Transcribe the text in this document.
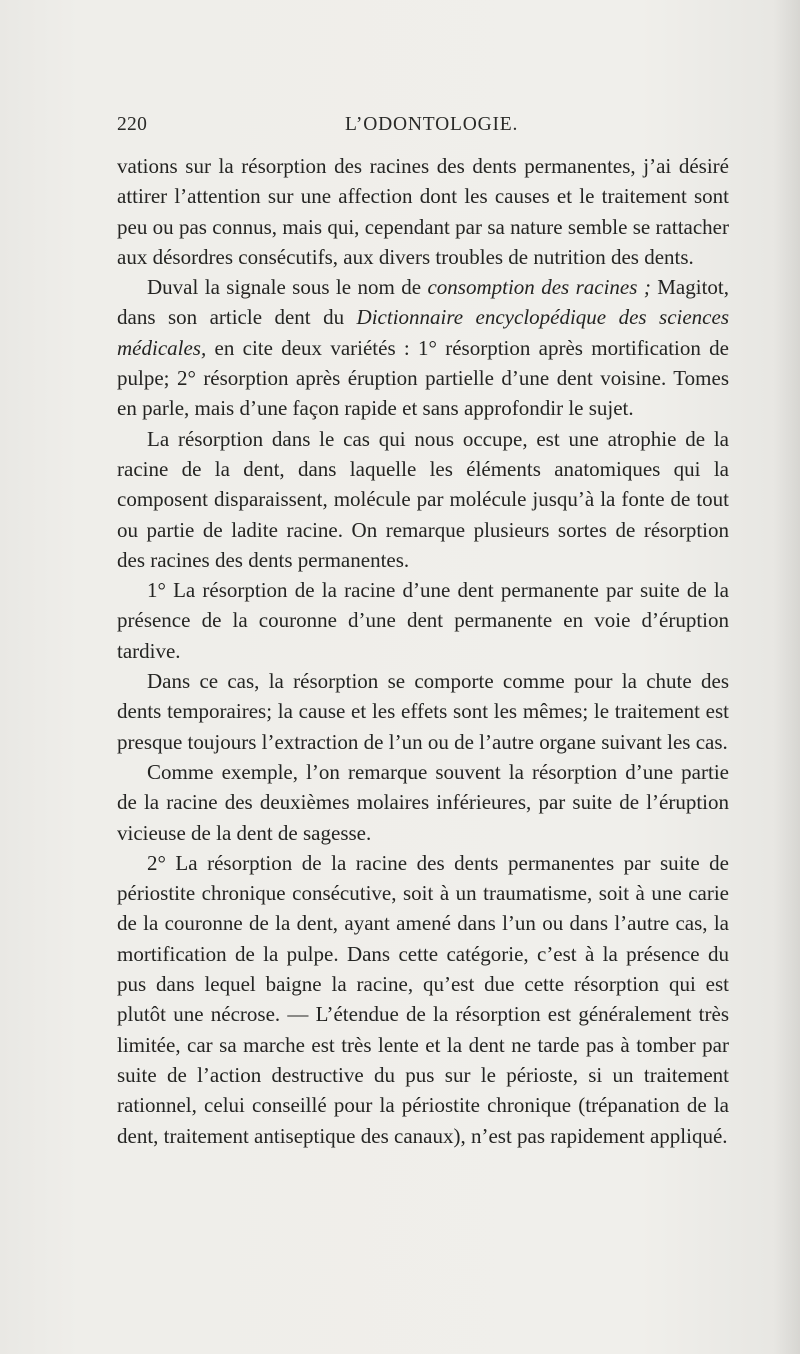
220	L’ODONTOLOGIE.

vations sur la résorption des racines des dents permanentes, j’ai désiré attirer l’attention sur une affection dont les causes et le traitement sont peu ou pas connus, mais qui, cependant par sa nature semble se rattacher aux désordres consécutifs, aux divers troubles de nutrition des dents.

Duval la signale sous le nom de consomption des racines ; Magitot, dans son article dent du Dictionnaire encyclopédique des sciences médicales, en cite deux variétés : 1° résorption après mortification de pulpe; 2° résorption après éruption partielle d’une dent voisine. Tomes en parle, mais d’une façon rapide et sans approfondir le sujet.

La résorption dans le cas qui nous occupe, est une atrophie de la racine de la dent, dans laquelle les éléments anatomiques qui la composent disparaissent, molécule par molécule jusqu’à la fonte de tout ou partie de ladite racine. On remarque plusieurs sortes de résorption des racines des dents permanentes.

1° La résorption de la racine d’une dent permanente par suite de la présence de la couronne d’une dent permanente en voie d’éruption tardive.

Dans ce cas, la résorption se comporte comme pour la chute des dents temporaires; la cause et les effets sont les mêmes; le traitement est presque toujours l’extraction de l’un ou de l’autre organe suivant les cas.

Comme exemple, l’on remarque souvent la résorption d’une partie de la racine des deuxièmes molaires inférieures, par suite de l’éruption vicieuse de la dent de sagesse.

2° La résorption de la racine des dents permanentes par suite de périostite chronique consécutive, soit à un traumatisme, soit à une carie de la couronne de la dent, ayant amené dans l’un ou dans l’autre cas, la mortification de la pulpe. Dans cette catégorie, c’est à la présence du pus dans lequel baigne la racine, qu’est due cette résorption qui est plutôt une nécrose. — L’étendue de la résorption est généralement très limitée, car sa marche est très lente et la dent ne tarde pas à tomber par suite de l’action destructive du pus sur le périoste, si un traitement rationnel, celui conseillé pour la périostite chronique (trépanation de la dent, traitement antiseptique des canaux), n’est pas rapidement appliqué.
